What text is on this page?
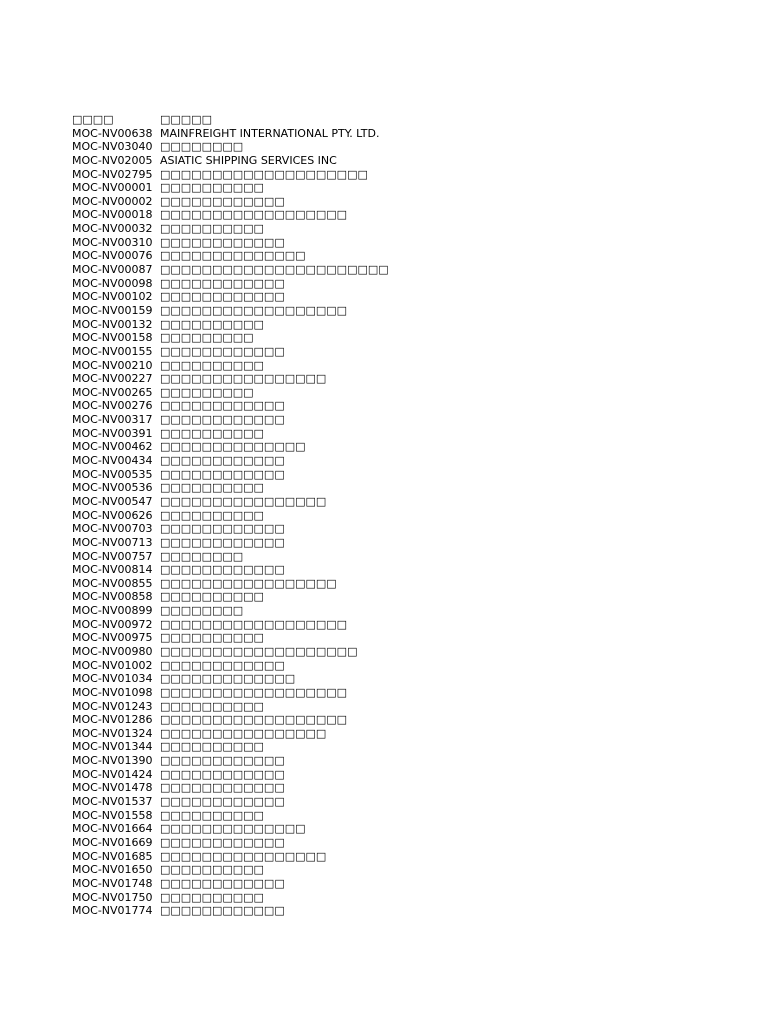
□□□□	□□□□□
MOC-NV00638 MAINFREIGHT INTERNATIONAL PTY. LTD.
MOC-NV03040 □□□□□□□□
MOC-NV02005 ASIATIC SHIPPING SERVICES INC
MOC-NV02795 □□□□□□□□□□□□□□□□□□□□
MOC-NV00001 □□□□□□□□□□
MOC-NV00002 □□□□□□□□□□□□
MOC-NV00018 □□□□□□□□□□□□□□□□□□
MOC-NV00032 □□□□□□□□□□
MOC-NV00310 □□□□□□□□□□□□
MOC-NV00076 □□□□□□□□□□□□□□
MOC-NV00087 □□□□□□□□□□□□□□□□□□□□□□
MOC-NV00098 □□□□□□□□□□□□
MOC-NV00102 □□□□□□□□□□□□
MOC-NV00159 □□□□□□□□□□□□□□□□□□
MOC-NV00132 □□□□□□□□□□
MOC-NV00158 □□□□□□□□□
MOC-NV00155 □□□□□□□□□□□□
MOC-NV00210 □□□□□□□□□□
MOC-NV00227 □□□□□□□□□□□□□□□□
MOC-NV00265 □□□□□□□□□
MOC-NV00276 □□□□□□□□□□□□
MOC-NV00317 □□□□□□□□□□□□
MOC-NV00391 □□□□□□□□□□
MOC-NV00462 □□□□□□□□□□□□□□
MOC-NV00434 □□□□□□□□□□□□
MOC-NV00535 □□□□□□□□□□□□
MOC-NV00536 □□□□□□□□□□
MOC-NV00547 □□□□□□□□□□□□□□□□
MOC-NV00626 □□□□□□□□□□
MOC-NV00703 □□□□□□□□□□□□
MOC-NV00713 □□□□□□□□□□□□
MOC-NV00757 □□□□□□□□
MOC-NV00814 □□□□□□□□□□□□
MOC-NV00855 □□□□□□□□□□□□□□□□□
MOC-NV00858 □□□□□□□□□□
MOC-NV00899 □□□□□□□□
MOC-NV00972 □□□□□□□□□□□□□□□□□□
MOC-NV00975 □□□□□□□□□□
MOC-NV00980 □□□□□□□□□□□□□□□□□□□
MOC-NV01002 □□□□□□□□□□□□
MOC-NV01034 □□□□□□□□□□□□□
MOC-NV01098 □□□□□□□□□□□□□□□□□□
MOC-NV01243 □□□□□□□□□□
MOC-NV01286 □□□□□□□□□□□□□□□□□□
MOC-NV01324 □□□□□□□□□□□□□□□□
MOC-NV01344 □□□□□□□□□□
MOC-NV01390 □□□□□□□□□□□□
MOC-NV01424 □□□□□□□□□□□□
MOC-NV01478 □□□□□□□□□□□□
MOC-NV01537 □□□□□□□□□□□□
MOC-NV01558 □□□□□□□□□□
MOC-NV01664 □□□□□□□□□□□□□□
MOC-NV01669 □□□□□□□□□□□□
MOC-NV01685 □□□□□□□□□□□□□□□□
MOC-NV01650 □□□□□□□□□□
MOC-NV01748 □□□□□□□□□□□□
MOC-NV01750 □□□□□□□□□□
MOC-NV01774 □□□□□□□□□□□□
